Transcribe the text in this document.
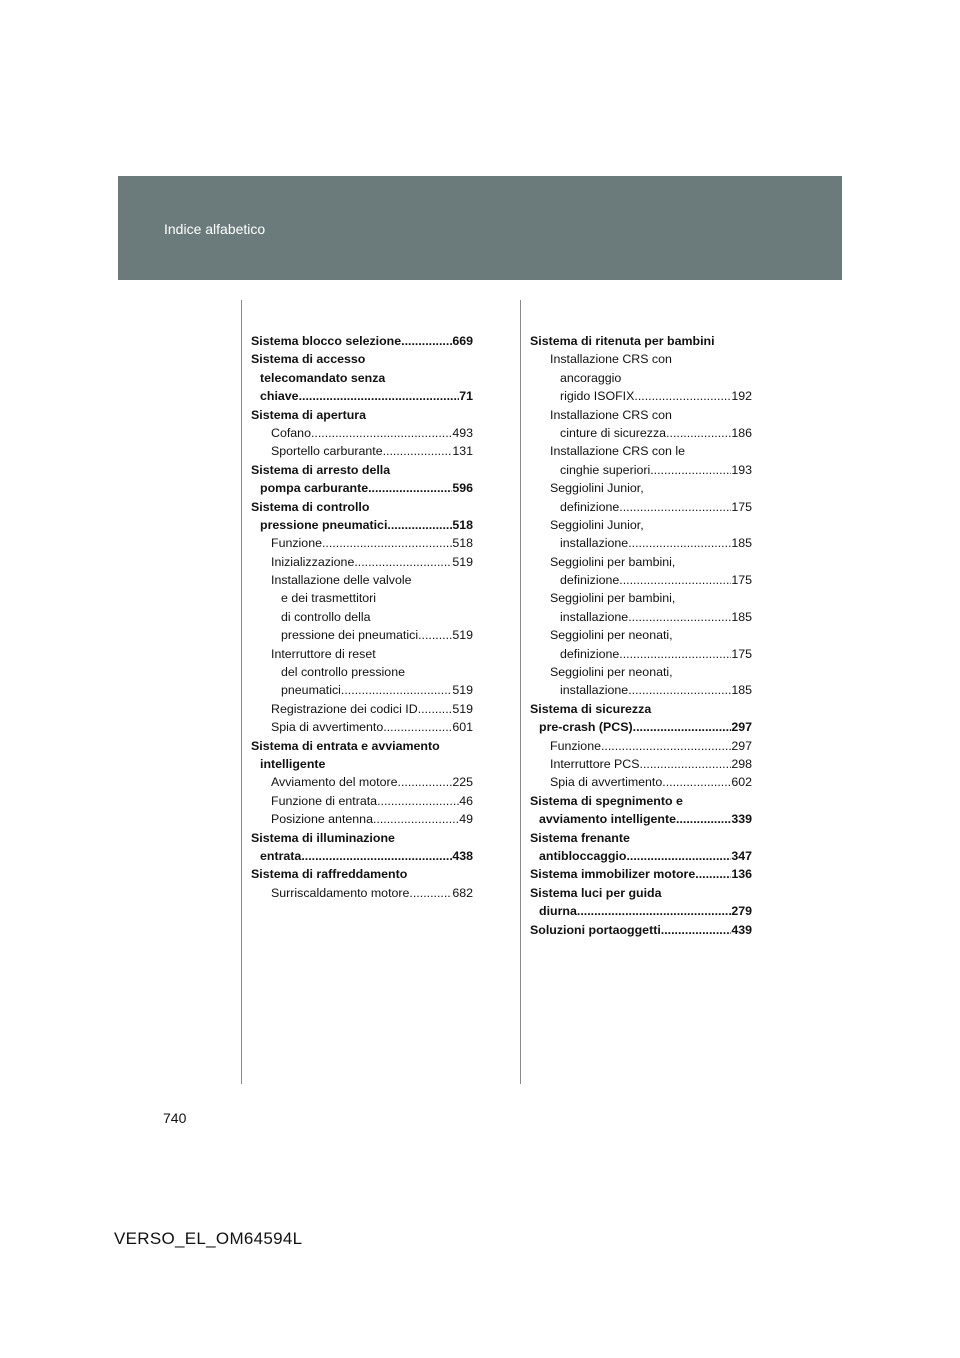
Indice alfabetico
Sistema blocco selezione .....	669
Sistema di accesso
telecomandato senza
chiave .....	71
Sistema di apertura
Cofano .....	493
Sportello carburante .....	131
Sistema di arresto della
pompa carburante .....	596
Sistema di controllo
pressione pneumatici .....	518
Funzione .....	518
Inizializzazione .....	519
Installazione delle valvole
e dei trasmettitori
di controllo della
pressione dei pneumatici .....	519
Interruttore di reset
del controllo pressione
pneumatici .....	519
Registrazione dei codici ID .....	519
Spia di avvertimento .....	601
Sistema di entrata e avviamento
intelligente
Avviamento del motore .....	225
Funzione di entrata .....	46
Posizione antenna .....	49
Sistema di illuminazione
entrata .....	438
Sistema di raffreddamento
Surriscaldamento motore .....	682
Sistema di ritenuta per bambini
Installazione CRS con
ancoraggio
rigido ISOFIX .....	192
Installazione CRS con
cinture di sicurezza .....	186
Installazione CRS con le
cinghie superiori .....	193
Seggiolini Junior,
definizione .....	175
Seggiolini Junior,
installazione .....	185
Seggiolini per bambini,
definizione .....	175
Seggiolini per bambini,
installazione .....	185
Seggiolini per neonati,
definizione .....	175
Seggiolini per neonati,
installazione .....	185
Sistema di sicurezza
pre-crash (PCS) .....	297
Funzione .....	297
Interruttore PCS .....	298
Spia di avvertimento .....	602
Sistema di spegnimento e
avviamento intelligente .....	339
Sistema frenante
antibloccaggio .....	347
Sistema immobilizer motore .....	136
Sistema luci per guida
diurna .....	279
Soluzioni portaoggetti .....	439
740
VERSO_EL_OM64594L
